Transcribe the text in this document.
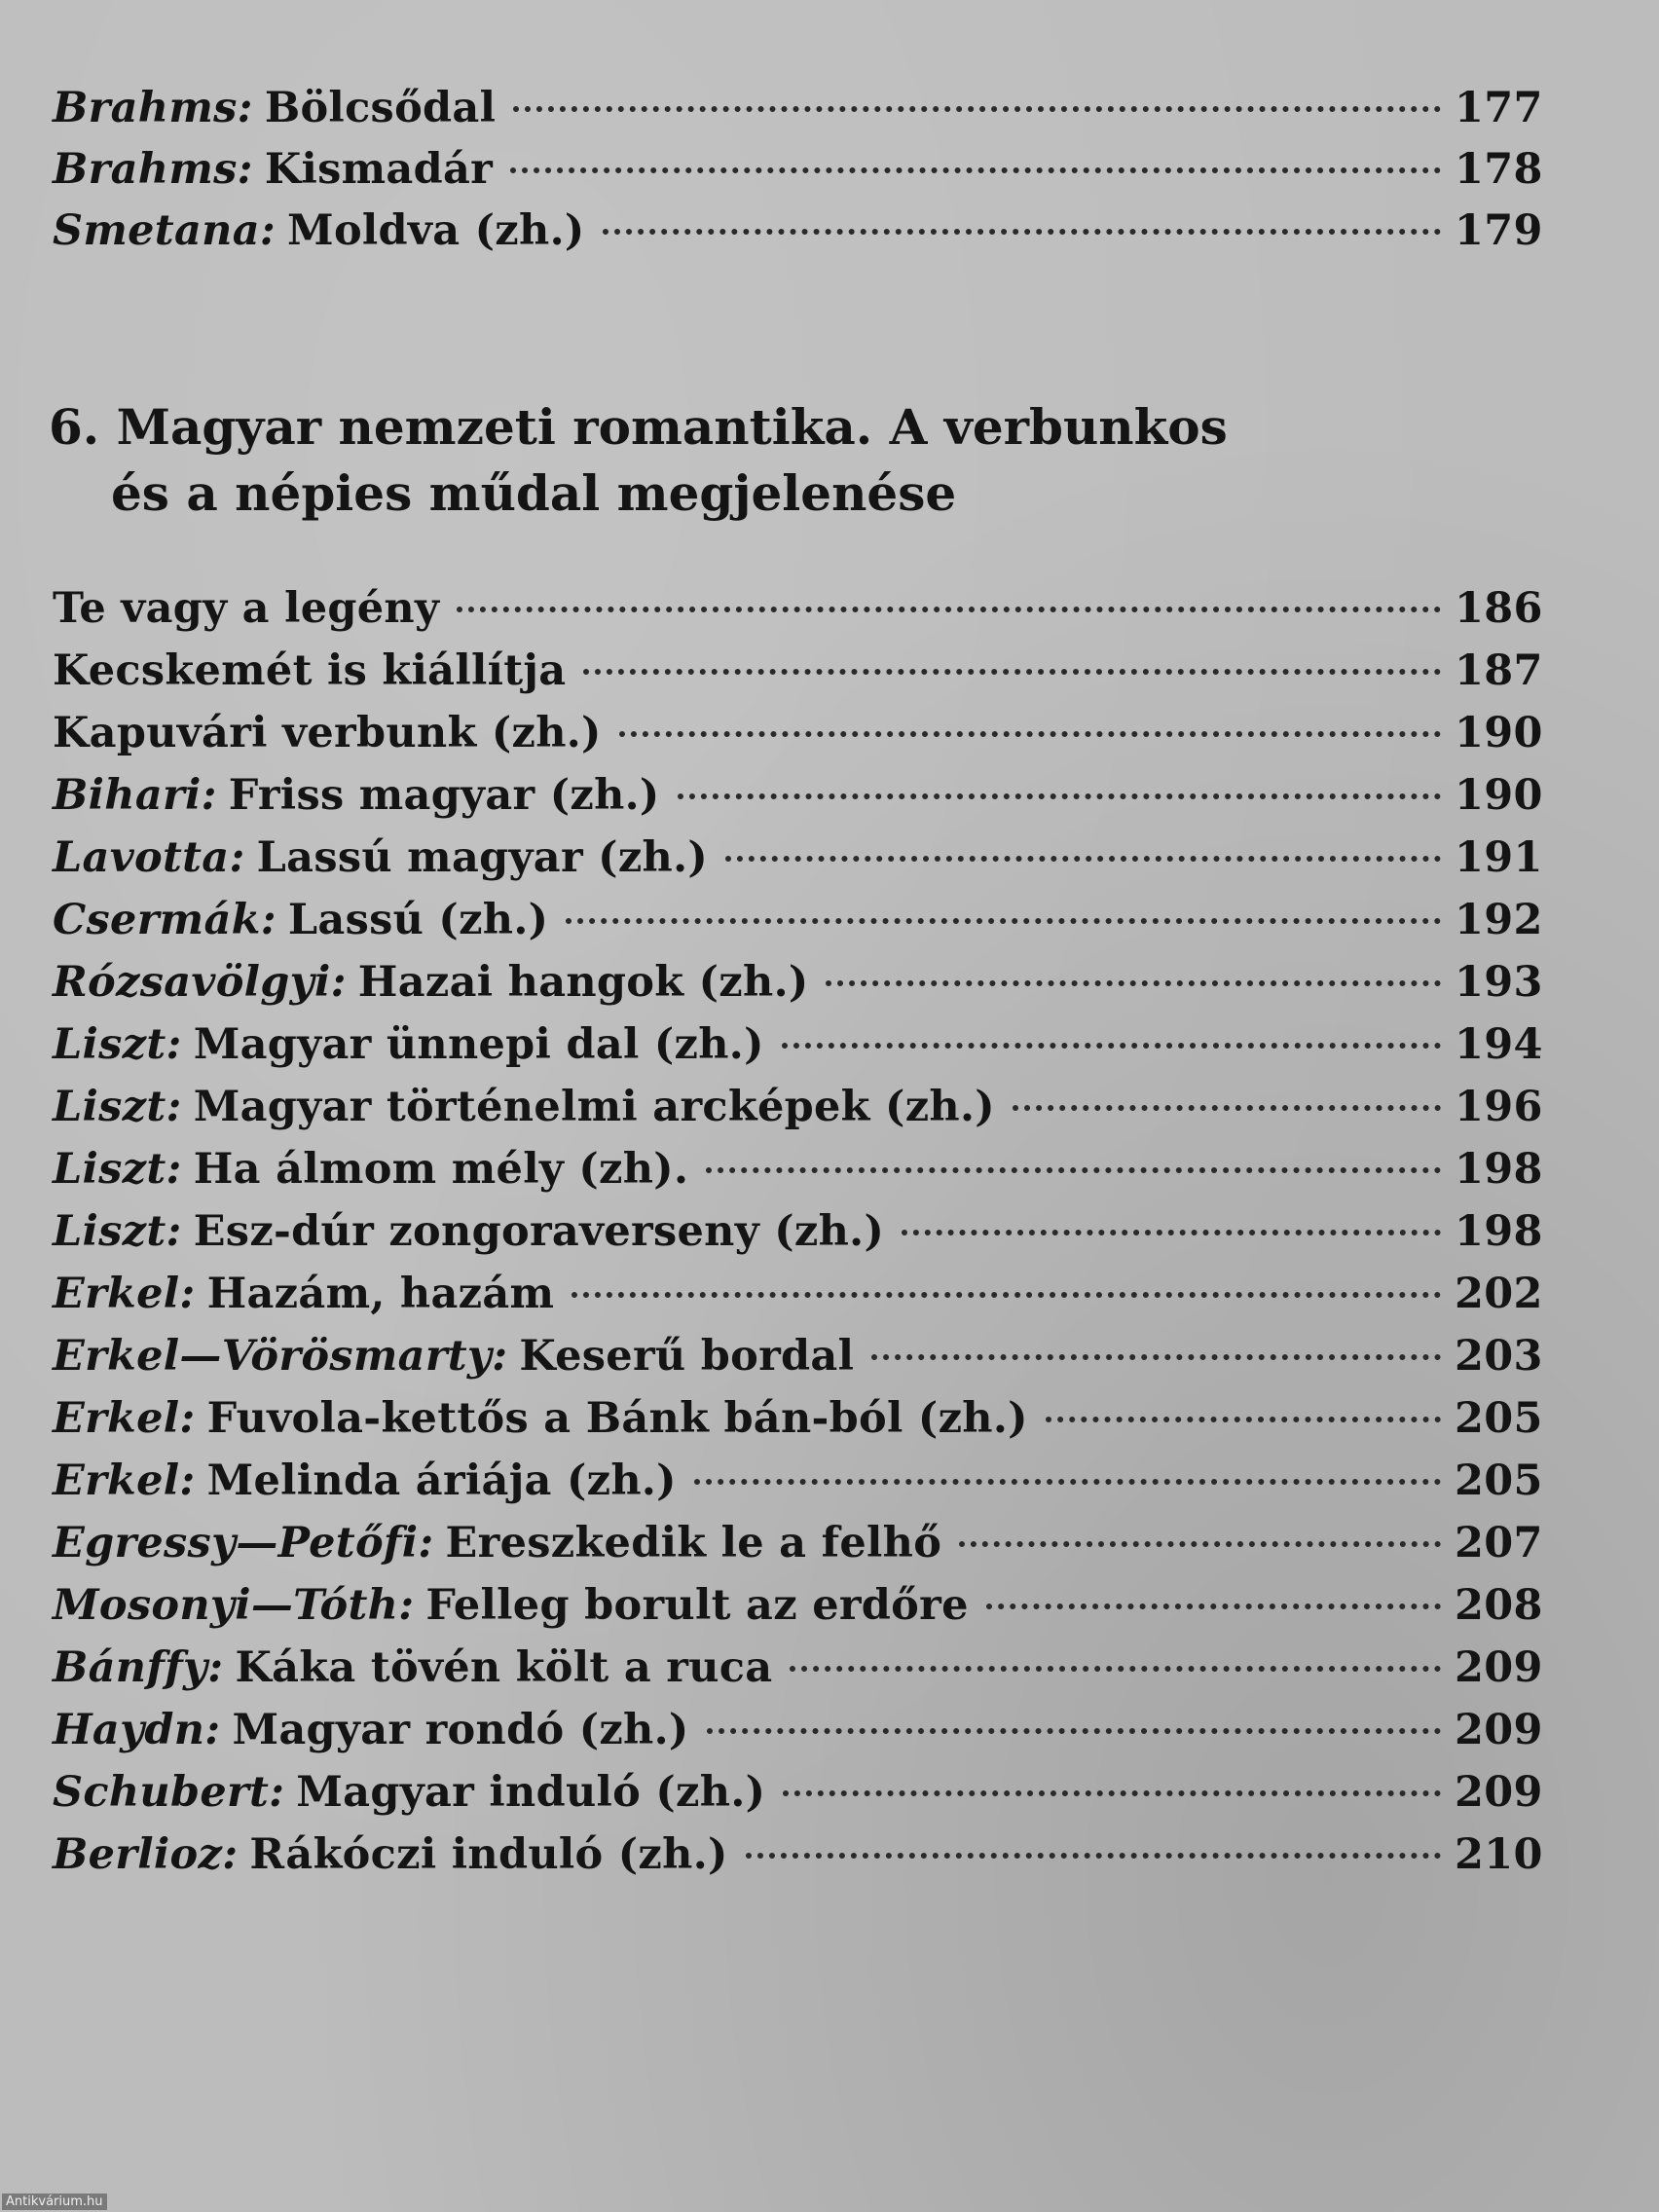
Brahms: Bölcsődal	177
Brahms: Kismadár	178
Smetana: Moldva (zh.)	179
6. Magyar nemzeti romantika. A verbunkos
és a népies műdal megjelenése
Te vagy a legény	186
Kecskemét is kiállítja	187
Kapuvári verbunk (zh.)	190
Bihari: Friss magyar (zh.)	190
Lavotta: Lassú magyar (zh.)	191
Csermák: Lassú (zh.)	192
Rózsavölgyi: Hazai hangok (zh.)	193
Liszt: Magyar ünnepi dal (zh.)	194
Liszt: Magyar történelmi arcképek (zh.)	196
Liszt: Ha álmom mély (zh).	198
Liszt: Esz-dúr zongoraverseny (zh.)	198
Erkel: Hazám, hazám	202
Erkel—Vörösmarty: Keserű bordal	203
Erkel: Fuvola-kettős a Bánk bán-ból (zh.)	205
Erkel: Melinda áriája (zh.)	205
Egressy—Petőfi: Ereszkedik le a felhő	207
Mosonyi—Tóth: Felleg borult az erdőre	208
Bánffy: Káka tövén költ a ruca	209
Haydn: Magyar rondó (zh.)	209
Schubert: Magyar induló (zh.)	209
Berlioz: Rákóczi induló (zh.)	210
Antikvárium.hu
